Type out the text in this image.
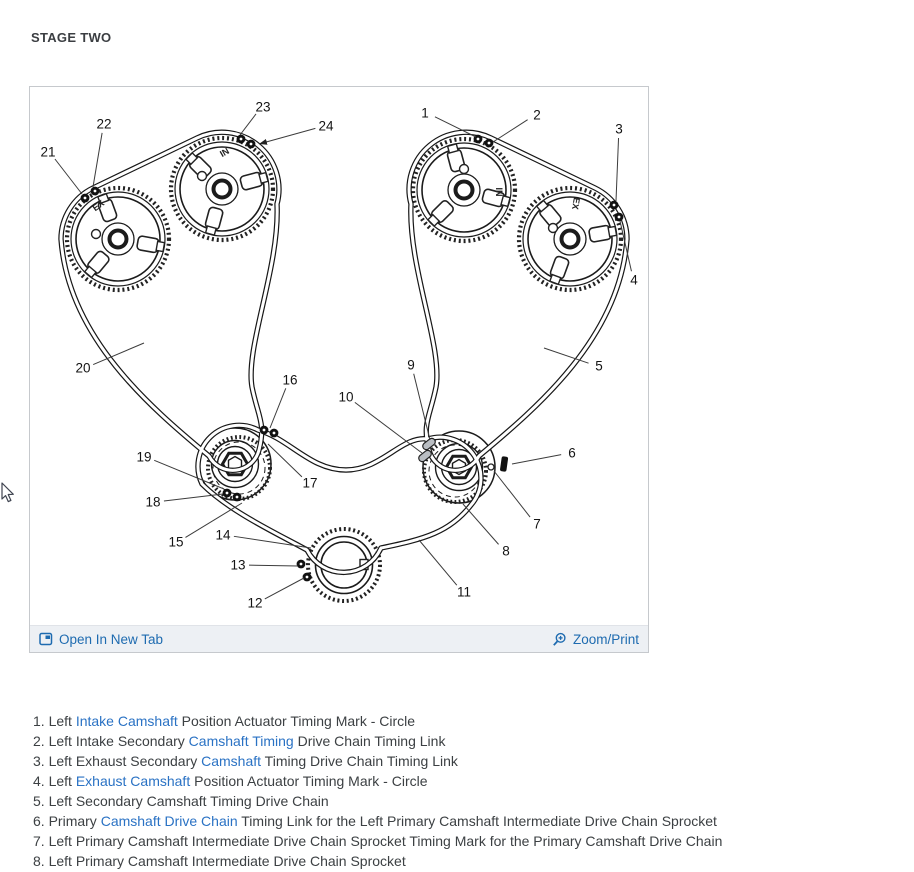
STAGE TWO
EX
IN
IN
EX
1	2
3
4
5
6
7
8
9
10
11
12
13
14
15
16
17
18
19
20
21
22
23
24
Open In New Tab	Zoom/Print
1. Left Intake Camshaft Position Actuator Timing Mark - Circle
2. Left Intake Secondary Camshaft Timing Drive Chain Timing Link
3. Left Exhaust Secondary Camshaft Timing Drive Chain Timing Link
4. Left Exhaust Camshaft Position Actuator Timing Mark - Circle
5. Left Secondary Camshaft Timing Drive Chain
6. Primary Camshaft Drive Chain Timing Link for the Left Primary Camshaft Intermediate Drive Chain Sprocket
7. Left Primary Camshaft Intermediate Drive Chain Sprocket Timing Mark for the Primary Camshaft Drive Chain
8. Left Primary Camshaft Intermediate Drive Chain Sprocket
